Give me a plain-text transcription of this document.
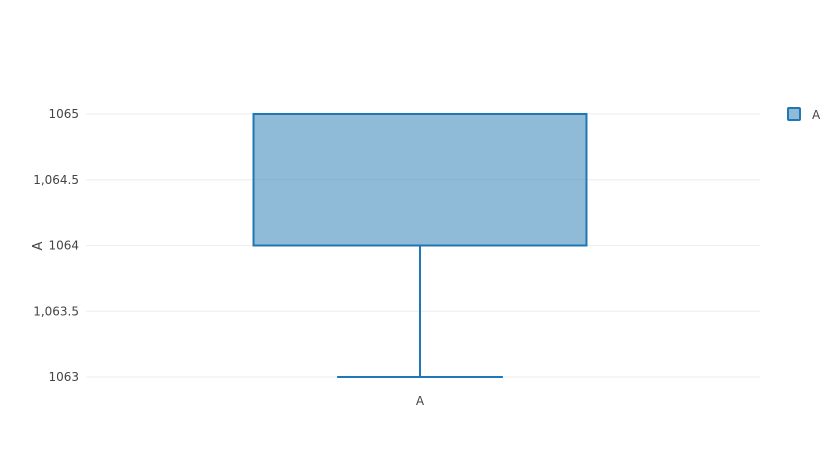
1063
1,063.5
1064
1,064.5
1065
A
A
A
